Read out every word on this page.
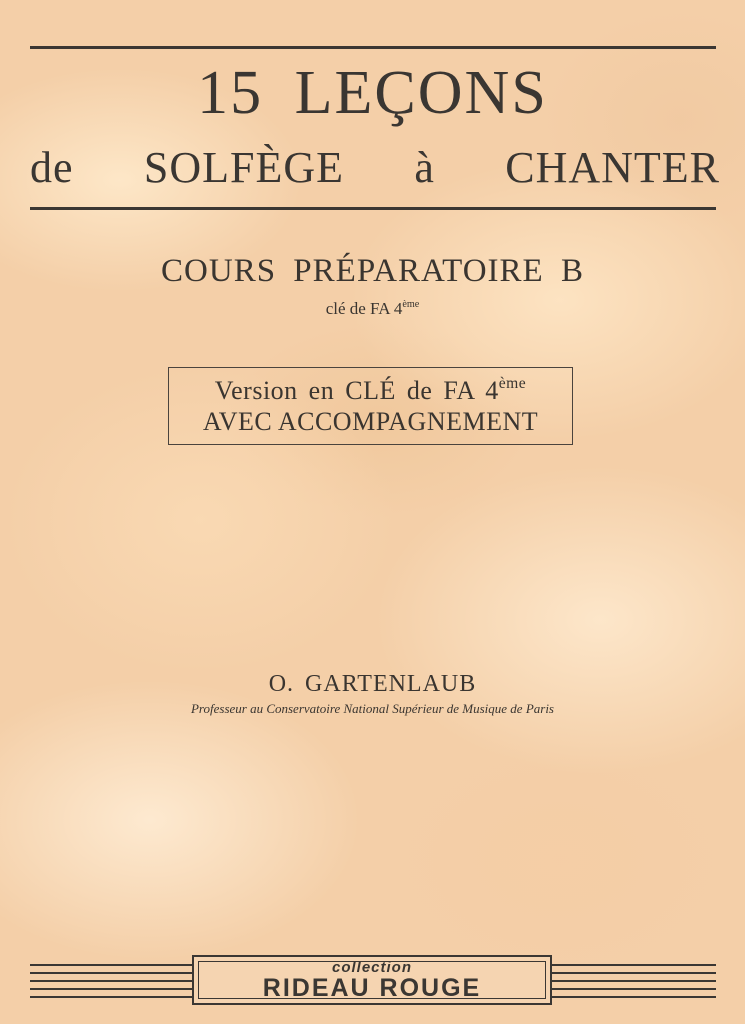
15 LEÇONS
de SOLFÈGE à CHANTER
COURS PRÉPARATOIRE B
clé de FA 4ème
Version en CLÉ de FA 4ème
AVEC ACCOMPAGNEMENT
O. GARTENLAUB
Professeur au Conservatoire National Supérieur de Musique de Paris
collection
RIDEAU ROUGE
